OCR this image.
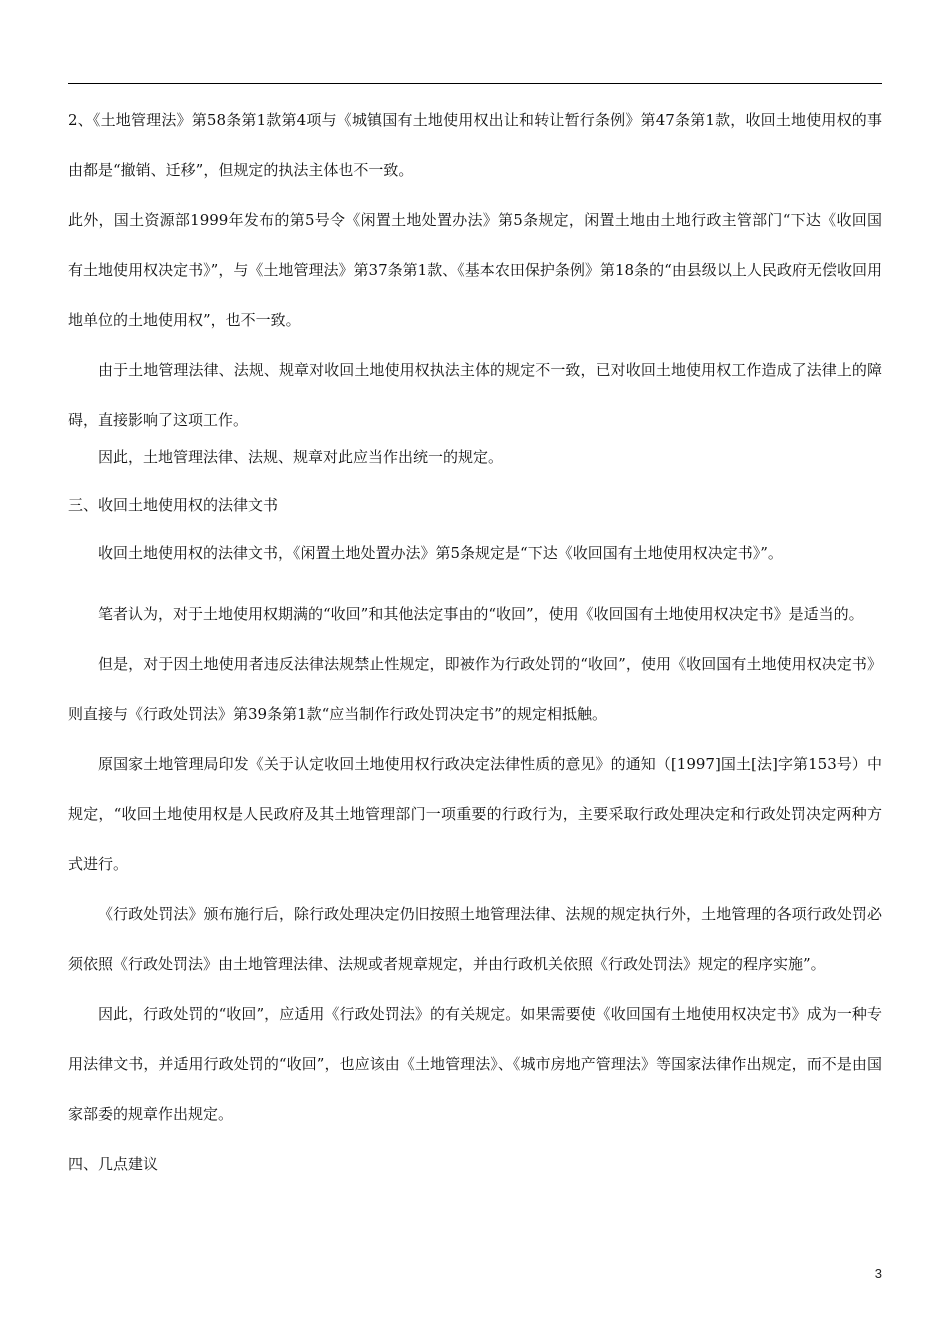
2、《土地管理法》第58条第1款第4项与《城镇国有土地使用权出让和转让暂行条例》第47条第1款，收回土地使用权的事由都是“撤销、迁移”，但规定的执法主体也不一致。

此外，国土资源部1999年发布的第5号令《闲置土地处置办法》第5条规定，闲置土地由土地行政主管部门“下达《收回国有土地使用权决定书》”，与《土地管理法》第37条第1款、《基本农田保护条例》第18条的“由县级以上人民政府无偿收回用地单位的土地使用权”，也不一致。

由于土地管理法律、法规、规章对收回土地使用权执法主体的规定不一致，已对收回土地使用权工作造成了法律上的障碍，直接影响了这项工作。

因此，土地管理法律、法规、规章对此应当作出统一的规定。

三、收回土地使用权的法律文书

收回土地使用权的法律文书，《闲置土地处置办法》第5条规定是“下达《收回国有土地使用权决定书》”。

笔者认为，对于土地使用权期满的“收回”和其他法定事由的“收回”，使用《收回国有土地使用权决定书》是适当的。

但是，对于因土地使用者违反法律法规禁止性规定，即被作为行政处罚的“收回”，使用《收回国有土地使用权决定书》则直接与《行政处罚法》第39条第1款“应当制作行政处罚决定书”的规定相抵触。

原国家土地管理局印发《关于认定收回土地使用权行政决定法律性质的意见》的通知（[1997]国土[法]字第153号）中规定，“收回土地使用权是人民政府及其土地管理部门一项重要的行政行为，主要采取行政处理决定和行政处罚决定两种方式进行。

《行政处罚法》颁布施行后，除行政处理决定仍旧按照土地管理法律、法规的规定执行外，土地管理的各项行政处罚必须依照《行政处罚法》由土地管理法律、法规或者规章规定，并由行政机关依照《行政处罚法》规定的程序实施”。

因此，行政处罚的“收回”，应适用《行政处罚法》的有关规定。如果需要使《收回国有土地使用权决定书》成为一种专用法律文书，并适用行政处罚的“收回”，也应该由《土地管理法》、《城市房地产管理法》等国家法律作出规定，而不是由国家部委的规章作出规定。

四、几点建议

3
